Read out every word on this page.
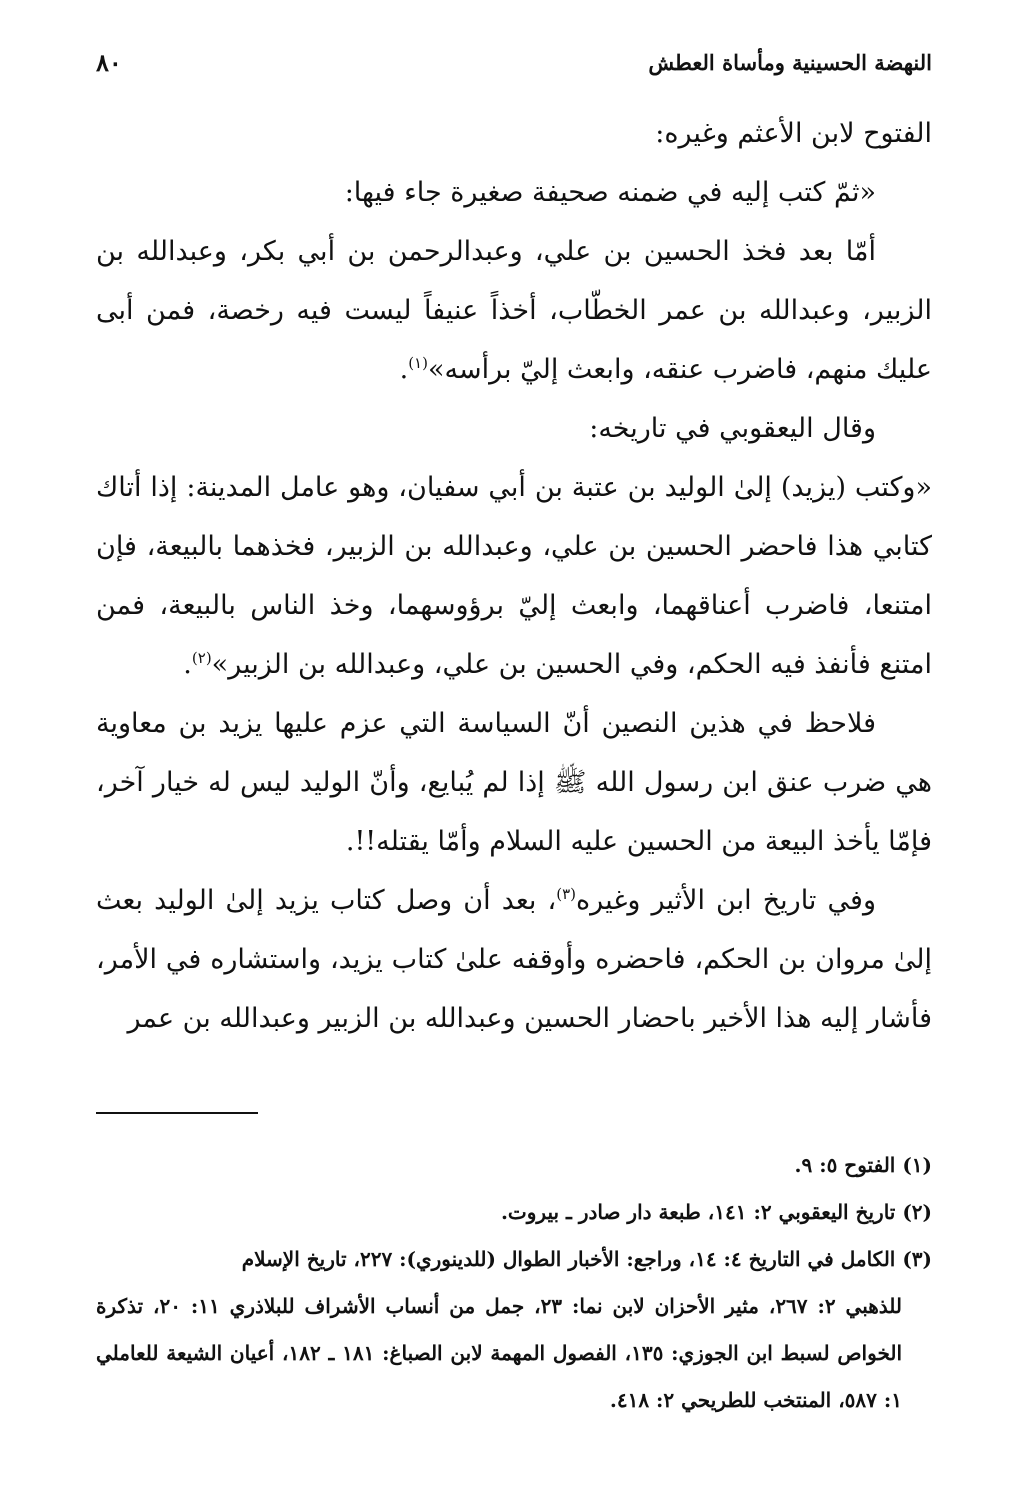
النهضة الحسينية ومأساة العطش
٨٠

الفتوح لابن الأعثم وغيره:

«ثمّ كتب إليه في ضمنه صحيفة صغيرة جاء فيها:

أمّا بعد فخذ الحسين بن علي، وعبدالرحمن بن أبي بكر، وعبدالله بن الزبير، وعبدالله بن عمر الخطّاب، أخذاً عنيفاً ليست فيه رخصة، فمن أبى عليك منهم، فاضرب عنقه، وابعث إليّ برأسه»$^{(١)}$.

وقال اليعقوبي في تاريخه:

«وكتب (يزيد) إلىٰ الوليد بن عتبة بن أبي سفيان، وهو عامل المدينة: إذا أتاك كتابي هذا فاحضر الحسين بن علي، وعبدالله بن الزبير، فخذهما بالبيعة، فإن امتنعا، فاضرب أعناقهما، وابعث إليّ برؤوسهما، وخذ الناس بالبيعة، فمن امتنع فأنفذ فيه الحكم، وفي الحسين بن علي، وعبدالله بن الزبير»$^{(٢)}$.

فلاحظ في هذين النصين أنّ السياسة التي عزم عليها يزيد بن معاوية هي ضرب عنق ابن رسول الله ﷺ إذا لم يُبايع، وأنّ الوليد ليس له خيار آخر، فإمّا يأخذ البيعة من الحسين عليه السلام وأمّا يقتله!!.

وفي تاريخ ابن الأثير وغيره$^{(٣)}$، بعد أن وصل كتاب يزيد إلىٰ الوليد بعث إلىٰ مروان بن الحكم، فاحضره وأوقفه علىٰ كتاب يزيد، واستشاره في الأمر، فأشار إليه هذا الأخير باحضار الحسين وعبدالله بن الزبير وعبدالله بن عمر

(١) الفتوح ٥: ٩.

(٢) تاريخ اليعقوبي ٢: ١٤١، طبعة دار صادر ـ بيروت.

(٣) الكامل في التاريخ ٤: ١٤، وراجع: الأخبار الطوال (للدينوري): ٢٢٧، تاريخ الإسلام
للذهبي ٢: ٢٦٧، مثير الأحزان لابن نما: ٢٣، جمل من أنساب الأشراف للبلاذري ١١: ٢٠، تذكرة الخواص لسبط ابن الجوزي: ١٣٥، الفصول المهمة لابن الصباغ: ١٨١ ـ ١٨٢، أعيان الشيعة للعاملي ١: ٥٨٧، المنتخب للطريحي ٢: ٤١٨.
